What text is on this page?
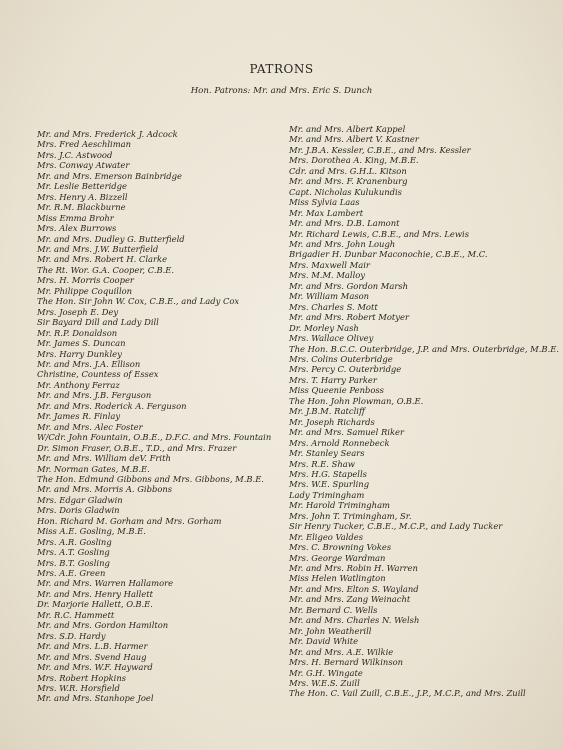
PATRONS
Hon. Patrons: Mr. and Mrs. Eric S. Dunch
Mr. and Mrs. Frederick J. Adcock
Mrs. Fred Aeschliman
Mrs. J.C. Astwood
Mrs. Conway Atwater
Mr. and Mrs. Emerson Bainbridge
Mr. Leslie Betteridge
Mrs. Henry A. Bizzell
Mr. R.M. Blackburne
Miss Emma Brohr
Mrs. Alex Burrows
Mr. and Mrs. Dudley G. Butterfield
Mr. and Mrs. J.W. Butterfield
Mr. and Mrs. Robert H. Clarke
The Rt. Wor. G.A. Cooper, C.B.E.
Mrs. H. Morris Cooper
Mr. Philippe Coquillon
The Hon. Sir John W. Cox, C.B.E., and Lady Cox
Mrs. Joseph E. Dey
Sir Bayard Dill and Lady Dill
Mr. R.P. Donaldson
Mr. James S. Duncan
Mrs. Harry Dunkley
Mr. and Mrs. J.A. Ellison
Christine, Countess of Essex
Mr. Anthony Ferraz
Mr. and Mrs. J.B. Ferguson
Mr. and Mrs. Roderick A. Ferguson
Mr. James R. Finlay
Mr. and Mrs. Alec Foster
W/Cdr. John Fountain, O.B.E., D.F.C. and Mrs. Fountain
Dr. Simon Fraser, O.B.E., T.D., and Mrs. Frazer
Mr. and Mrs. William deV. Frith
Mr. Norman Gates, M.B.E.
The Hon. Edmund Gibbons and Mrs. Gibbons, M.B.E.
Mr. and Mrs. Morris A. Gibbons
Mrs. Edgar Gladwin
Mrs. Doris Gladwin
Hon. Richard M. Gorham and Mrs. Gorham
Miss A.E. Gosling, M.B.E.
Mrs. A.R. Gosling
Mrs. A.T. Gosling
Mrs. B.T. Gosling
Mrs. A.E. Green
Mr. and Mrs. Warren Hallamore
Mr. and Mrs. Henry Hallett
Dr. Marjorie Hallett, O.B.E.
Mr. R.C. Hammett
Mr. and Mrs. Gordon Hamilton
Mrs. S.D. Hardy
Mr. and Mrs. L.B. Harmer
Mr. and Mrs. Svend Haug
Mr. and Mrs. W.F. Hayward
Mrs. Robert Hopkins
Mrs. W.R. Horsfield
Mr. and Mrs. Stanhope Joel
Mr. and Mrs. Albert Kappel
Mr. and Mrs. Albert V. Kastner
Mr. J.B.A. Kessler, C.B.E., and Mrs. Kessler
Mrs. Dorothea A. King, M.B.E.
Cdr. and Mrs. G.H.L. Kitson
Mr. and Mrs. F. Kranenburg
Capt. Nicholas Kulukundis
Miss Sylvia Laas
Mr. Max Lambert
Mr. and Mrs. D.B. Lamont
Mr. Richard Lewis, C.B.E., and Mrs. Lewis
Mr. and Mrs. John Lough
Brigadier H. Dunbar Maconochie, C.B.E., M.C.
Mrs. Maxwell Mair
Mrs. M.M. Malloy
Mr. and Mrs. Gordon Marsh
Mr. William Mason
Mrs. Charles S. Mott
Mr. and Mrs. Robert Motyer
Dr. Morley Nash
Mrs. Wallace Olivey
The Hon. B.C.C. Outerbridge, J.P. and Mrs. Outerbridge, M.B.E.
Mrs. Colins Outerbridge
Mrs. Percy C. Outerbridge
Mrs. T. Harry Parker
Miss Queenie Penboss
The Hon. John Plowman, O.B.E.
Mr. J.B.M. Ratcliff
Mr. Joseph Richards
Mr. and Mrs. Samuel Riker
Mrs. Arnold Ronnebeck
Mr. Stanley Sears
Mrs. R.E. Shaw
Mrs. H.G. Stapells
Mrs. W.E. Spurling
Lady Trimingham
Mr. Harold Trimingham
Mrs. John T. Trimingham, Sr.
Sir Henry Tucker, C.B.E., M.C.P., and Lady Tucker
Mr. Eligeo Valdes
Mrs. C. Browning Vokes
Mrs. George Wardman
Mr. and Mrs. Robin H. Warren
Miss Helen Watlington
Mr. and Mrs. Elton S. Wayland
Mr. and Mrs. Zang Weinacht
Mr. Bernard C. Wells
Mr. and Mrs. Charles N. Welsh
Mr. John Weatherill
Mr. David White
Mr. and Mrs. A.E. Wilkie
Mrs. H. Bernard Wilkinson
Mr. G.H. Wingate
Mrs. W.E.S. Zuill
The Hon. C. Vail Zuill, C.B.E., J.P., M.C.P., and Mrs. Zuill
